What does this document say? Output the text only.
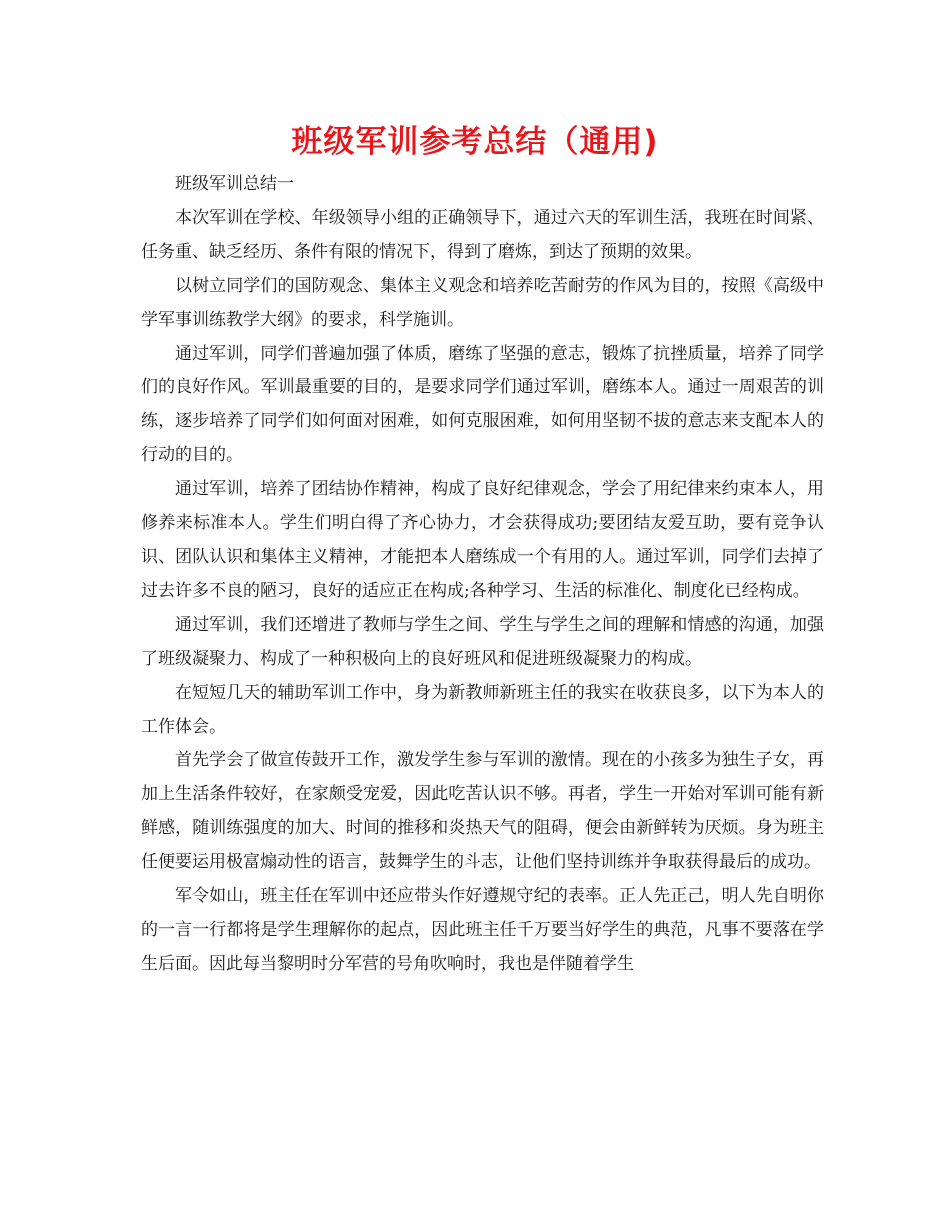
班级军训参考总结（通用)

班级军训总结一

本次军训在学校、年级领导小组的正确领导下，通过六天的军训生活，我班在时间紧、任务重、缺乏经历、条件有限的情况下，得到了磨炼，到达了预期的效果。

以树立同学们的国防观念、集体主义观念和培养吃苦耐劳的作风为目的，按照《高级中学军事训练教学大纲》的要求，科学施训。

通过军训，同学们普遍加强了体质，磨练了坚强的意志，锻炼了抗挫质量，培养了同学们的良好作风。军训最重要的目的，是要求同学们通过军训，磨练本人。通过一周艰苦的训练，逐步培养了同学们如何面对困难，如何克服困难，如何用坚韧不拔的意志来支配本人的行动的目的。

通过军训，培养了团结协作精神，构成了良好纪律观念，学会了用纪律来约束本人，用修养来标准本人。学生们明白得了齐心协力，才会获得成功;要团结友爱互助，要有竞争认识、团队认识和集体主义精神，才能把本人磨练成一个有用的人。通过军训，同学们去掉了过去许多不良的陋习，良好的适应正在构成;各种学习、生活的标准化、制度化已经构成。

通过军训，我们还增进了教师与学生之间、学生与学生之间的理解和情感的沟通，加强了班级凝聚力、构成了一种积极向上的良好班风和促进班级凝聚力的构成。

在短短几天的辅助军训工作中，身为新教师新班主任的我实在收获良多，以下为本人的工作体会。

首先学会了做宣传鼓开工作，激发学生参与军训的激情。现在的小孩多为独生子女，再加上生活条件较好，在家颇受宠爱，因此吃苦认识不够。再者，学生一开始对军训可能有新鲜感，随训练强度的加大、时间的推移和炎热天气的阻碍，便会由新鲜转为厌烦。身为班主任便要运用极富煽动性的语言，鼓舞学生的斗志，让他们坚持训练并争取获得最后的成功。

军令如山，班主任在军训中还应带头作好遵规守纪的表率。正人先正己，明人先自明你的一言一行都将是学生理解你的起点，因此班主任千万要当好学生的典范，凡事不要落在学生后面。因此每当黎明时分军营的号角吹响时，我也是伴随着学生
